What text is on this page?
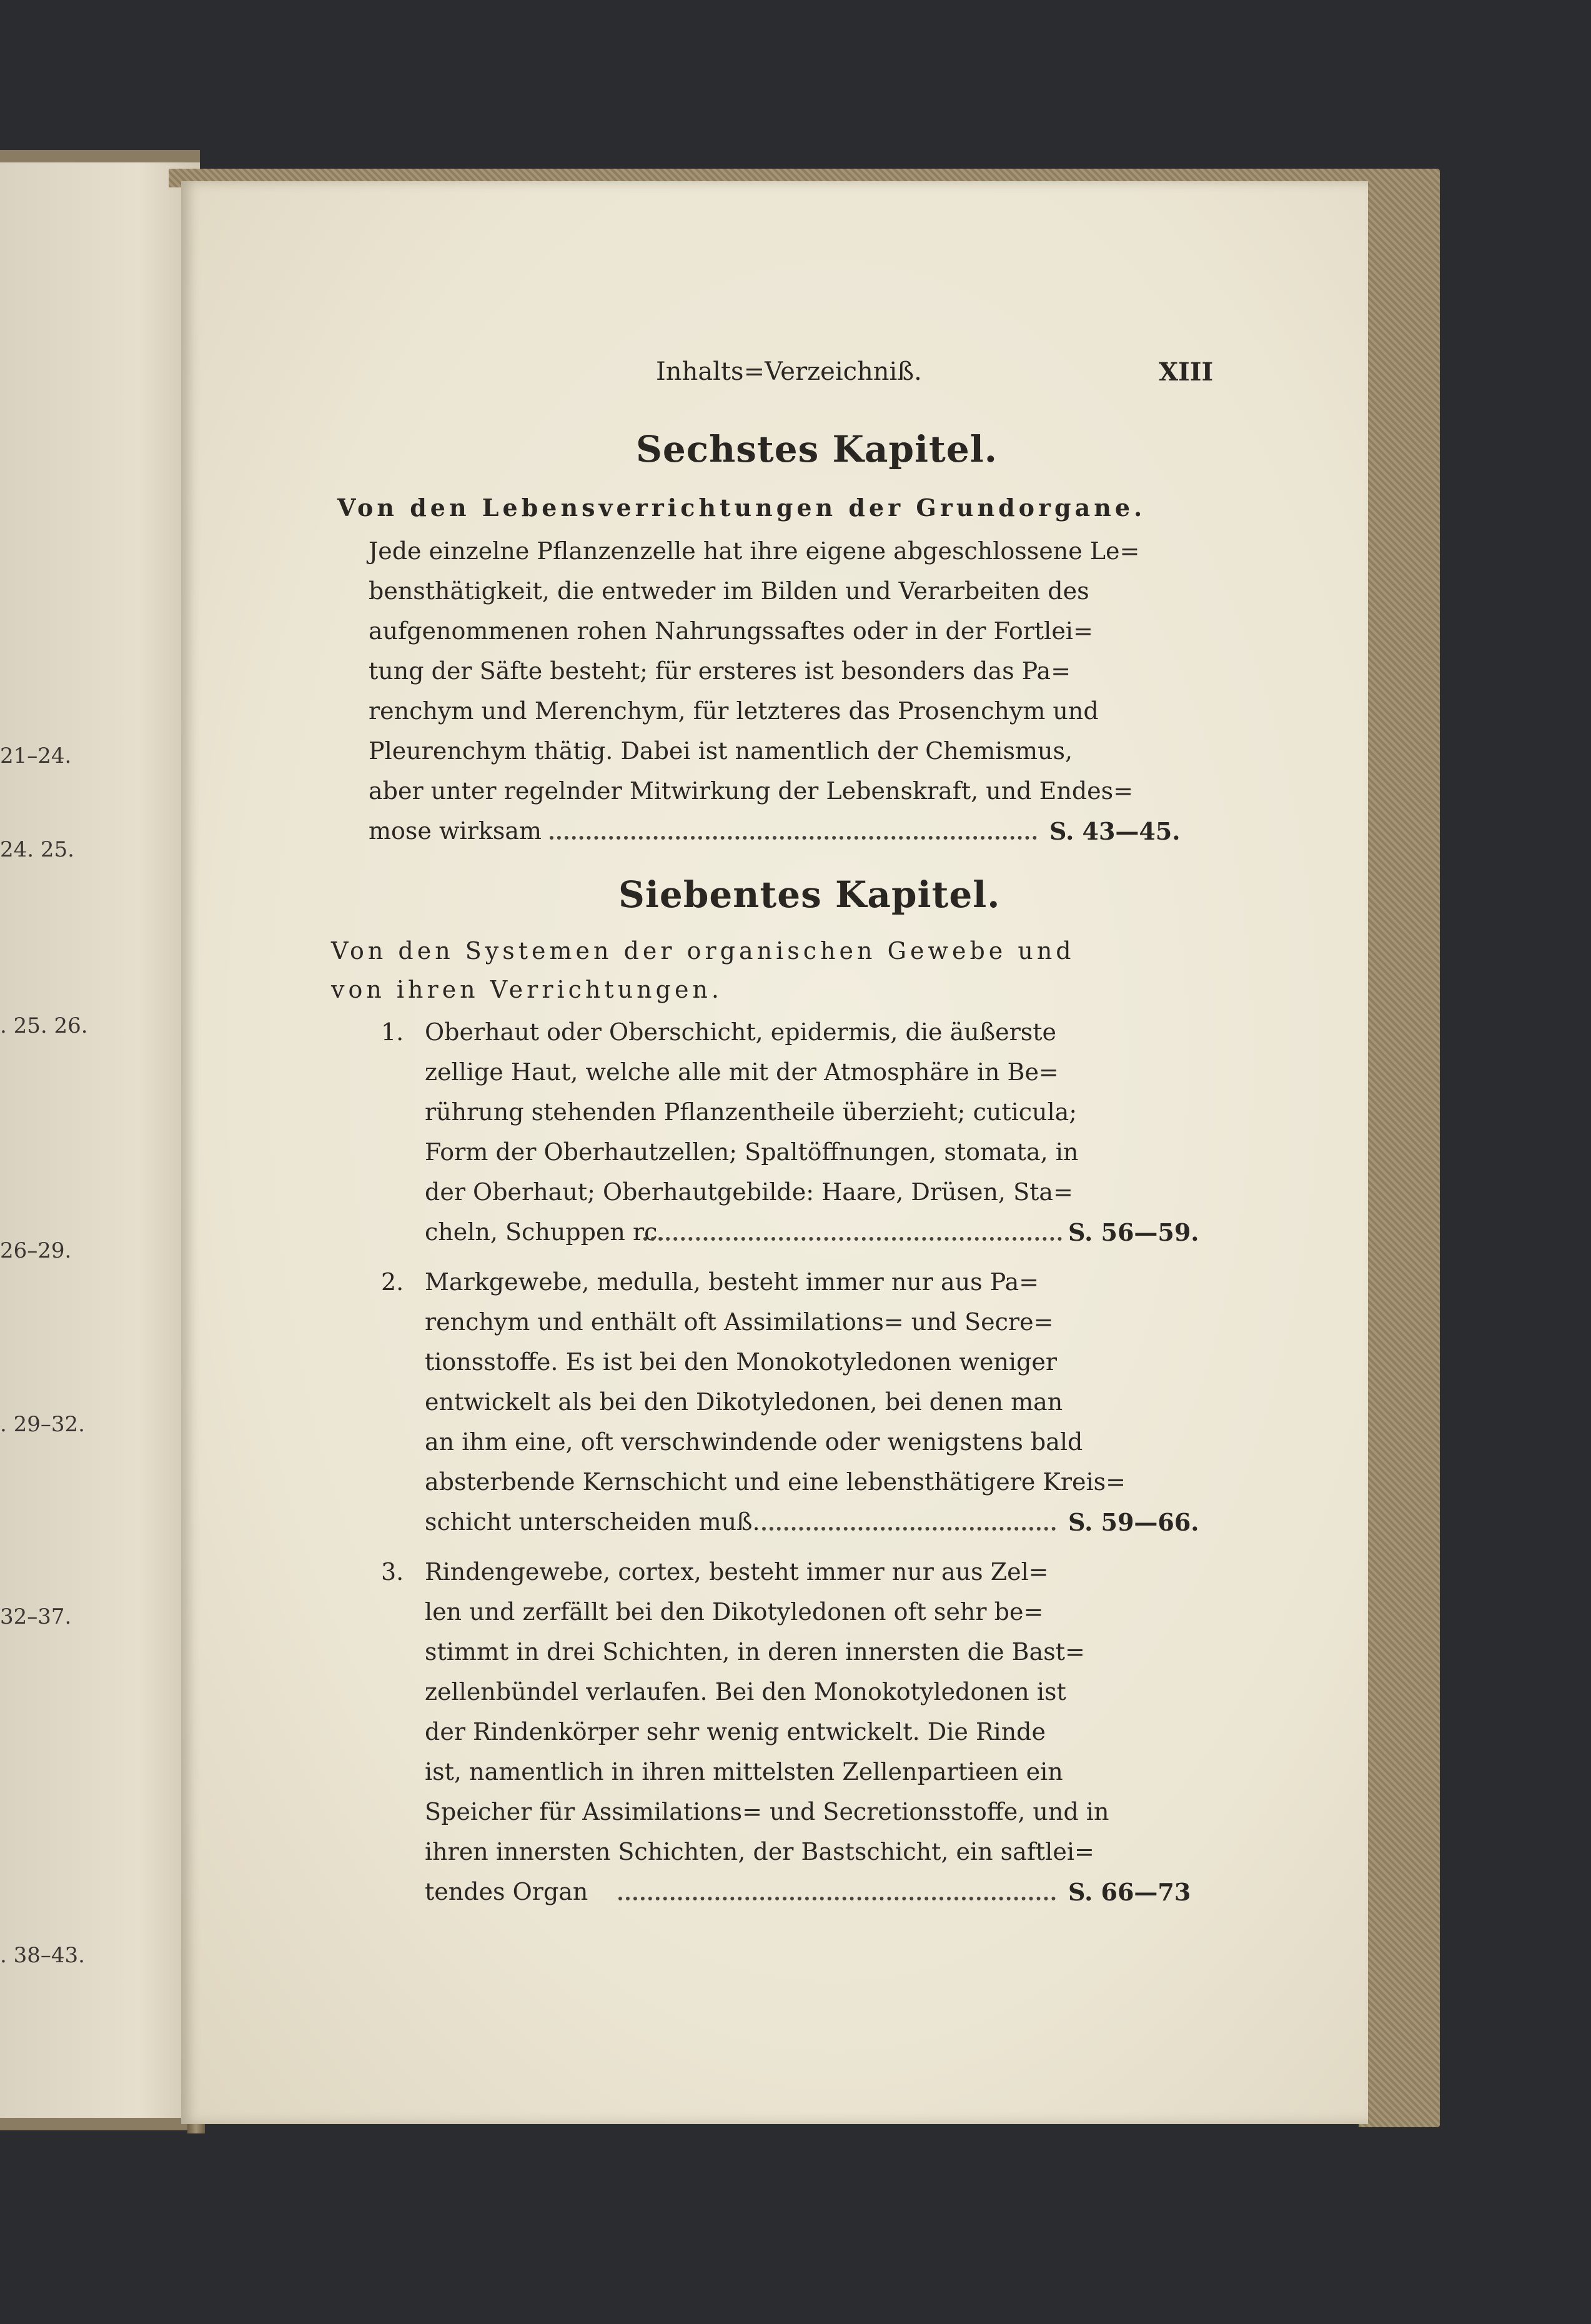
21–24.
24. 25.
. 25. 26.
26–29.
. 29–32.
32–37.
. 38–43.
Inhalts=Verzeichniß.	XIII
Sechstes Kapitel.
Von den Lebensverrichtungen der Grundorgane.
Jede einzelne Pflanzenzelle hat ihre eigene abgeschlossene Le=
bensthätigkeit, die entweder im Bilden und Verarbeiten des
aufgenommenen rohen Nahrungssaftes oder in der Fortlei=
tung der Säfte besteht; für ersteres ist besonders das Pa=
renchym und Merenchym, für letzteres das Prosenchym und
Pleurenchym thätig. Dabei ist namentlich der Chemismus,
aber unter regelnder Mitwirkung der Lebenskraft, und Endes=
mose wirksam	S. 43—45.
Siebentes Kapitel.
Von den Systemen der organischen Gewebe und
von ihren Verrichtungen.
1. Oberhaut oder Oberschicht, epidermis, die äußerste
zellige Haut, welche alle mit der Atmosphäre in Be=
rührung stehenden Pflanzentheile überzieht; cuticula;
Form der Oberhautzellen; Spaltöffnungen, stomata, in
der Oberhaut; Oberhautgebilde: Haare, Drüsen, Sta=
cheln, Schuppen rc.	S. 56—59.
2. Markgewebe, medulla, besteht immer nur aus Pa=
renchym und enthält oft Assimilations= und Secre=
tionsstoffe. Es ist bei den Monokotyledonen weniger
entwickelt als bei den Dikotyledonen, bei denen man
an ihm eine, oft verschwindende oder wenigstens bald
absterbende Kernschicht und eine lebensthätigere Kreis=
schicht unterscheiden muß.	S. 59—66.
3. Rindengewebe, cortex, besteht immer nur aus Zel=
len und zerfällt bei den Dikotyledonen oft sehr be=
stimmt in drei Schichten, in deren innersten die Bast=
zellenbündel verlaufen. Bei den Monokotyledonen ist
der Rindenkörper sehr wenig entwickelt. Die Rinde
ist, namentlich in ihren mittelsten Zellenpartieen ein
Speicher für Assimilations= und Secretionsstoffe, und in
ihren innersten Schichten, der Bastschicht, ein saftlei=
tendes Organ	S. 66—73
